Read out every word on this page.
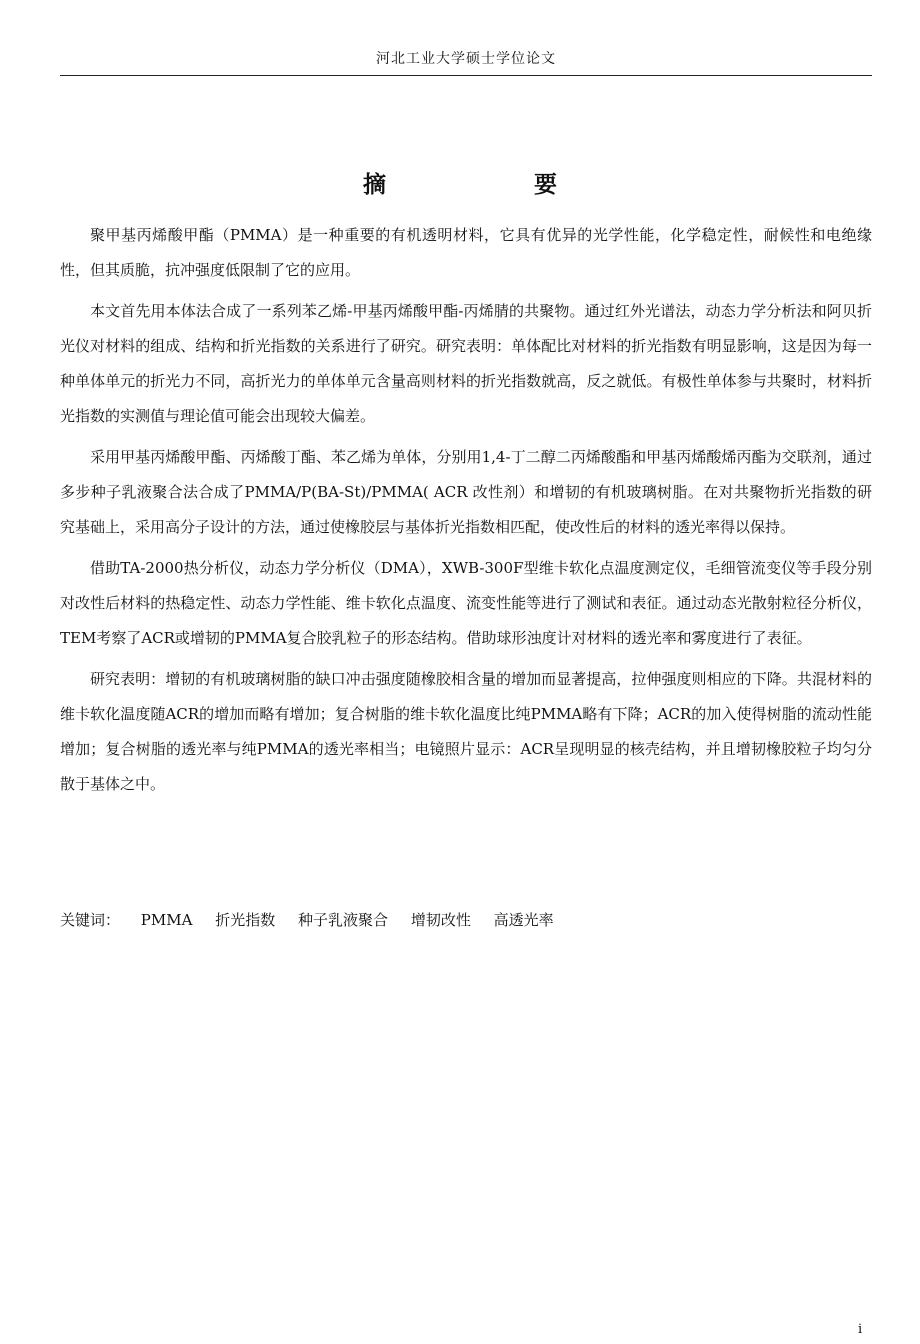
河北工业大学硕士学位论文
摘 要

聚甲基丙烯酸甲酯（PMMA）是一种重要的有机透明材料，它具有优异的光学性能，化学稳定性，耐候性和电绝缘性，但其质脆，抗冲强度低限制了它的应用。

本文首先用本体法合成了一系列苯乙烯-甲基丙烯酸甲酯-丙烯腈的共聚物。通过红外光谱法，动态力学分析法和阿贝折光仪对材料的组成、结构和折光指数的关系进行了研究。研究表明：单体配比对材料的折光指数有明显影响，这是因为每一种单体单元的折光力不同，高折光力的单体单元含量高则材料的折光指数就高，反之就低。有极性单体参与共聚时，材料折光指数的实测值与理论值可能会出现较大偏差。

采用甲基丙烯酸甲酯、丙烯酸丁酯、苯乙烯为单体，分别用1,4-丁二醇二丙烯酸酯和甲基丙烯酸烯丙酯为交联剂，通过多步种子乳液聚合法合成了PMMA/P(BA-St)/PMMA( ACR 改性剂）和增韧的有机玻璃树脂。在对共聚物折光指数的研究基础上，采用高分子设计的方法，通过使橡胶层与基体折光指数相匹配，使改性后的材料的透光率得以保持。

借助TA-2000热分析仪，动态力学分析仪（DMA），XWB-300F型维卡软化点温度测定仪，毛细管流变仪等手段分别对改性后材料的热稳定性、动态力学性能、维卡软化点温度、流变性能等进行了测试和表征。通过动态光散射粒径分析仪，TEM考察了ACR或增韧的PMMA复合胶乳粒子的形态结构。借助球形浊度计对材料的透光率和雾度进行了表征。

研究表明：增韧的有机玻璃树脂的缺口冲击强度随橡胶相含量的增加而显著提高，拉伸强度则相应的下降。共混材料的维卡软化温度随ACR的增加而略有增加；复合树脂的维卡软化温度比纯PMMA略有下降；ACR的加入使得树脂的流动性能增加；复合树脂的透光率与纯PMMA的透光率相当；电镜照片显示：ACR呈现明显的核壳结构，并且增韧橡胶粒子均匀分散于基体之中。

关键词： PMMA 折光指数 种子乳液聚合 增韧改性 高透光率
i
